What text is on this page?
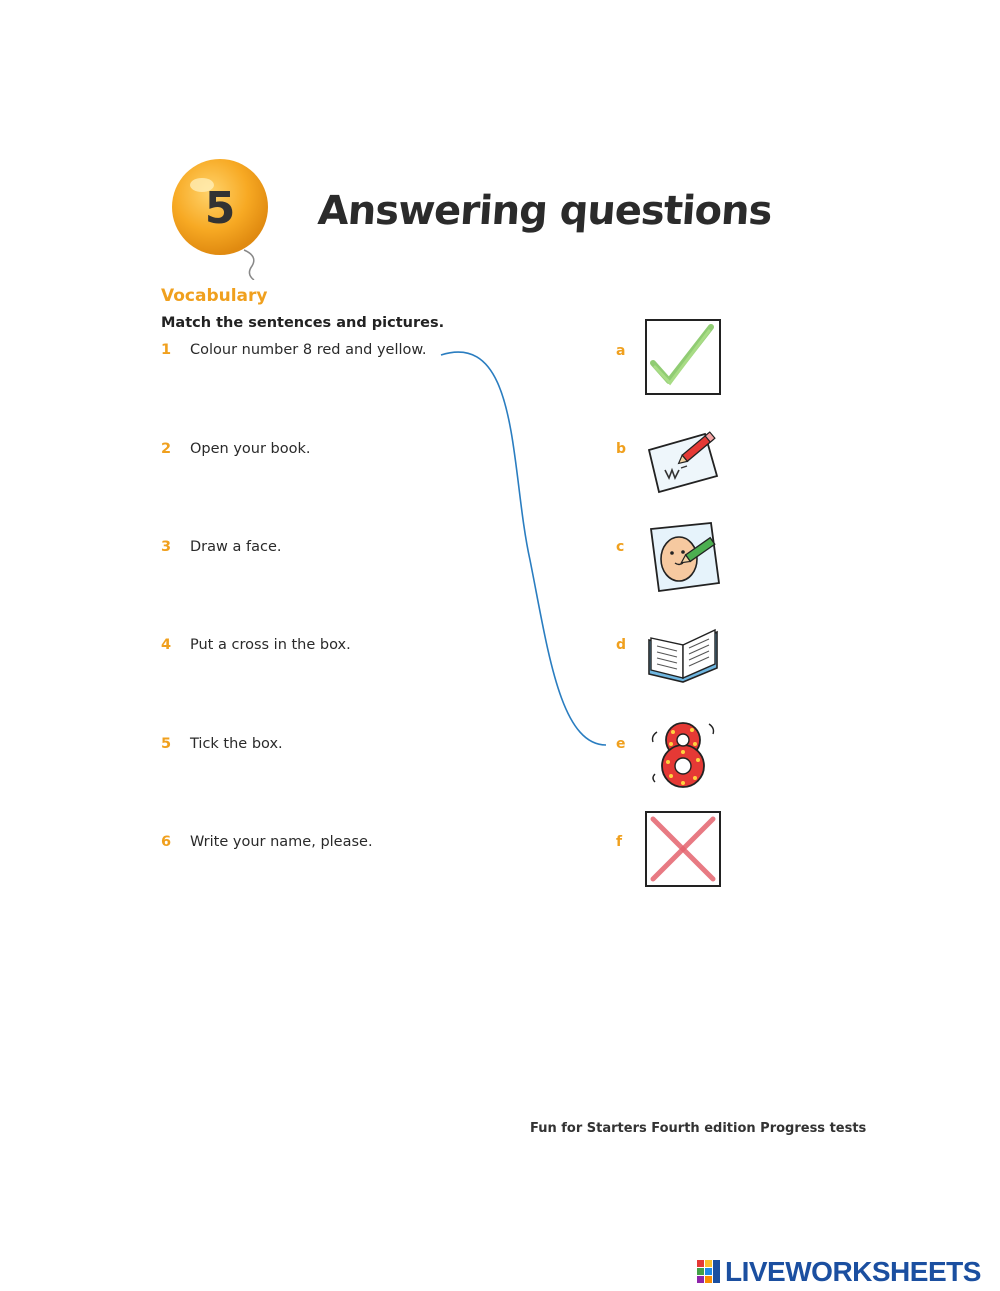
5	Answering questions
Vocabulary
Match the sentences and pictures.
1	Colour number 8 red and yellow.
2	Open your book.
3	Draw a face.
4	Put a cross in the box.
5	Tick the box.
6	Write your name, please.
a
b
c
d
e
f
Fun for Starters Fourth edition Progress tests
LIVEWORKSHEETS
